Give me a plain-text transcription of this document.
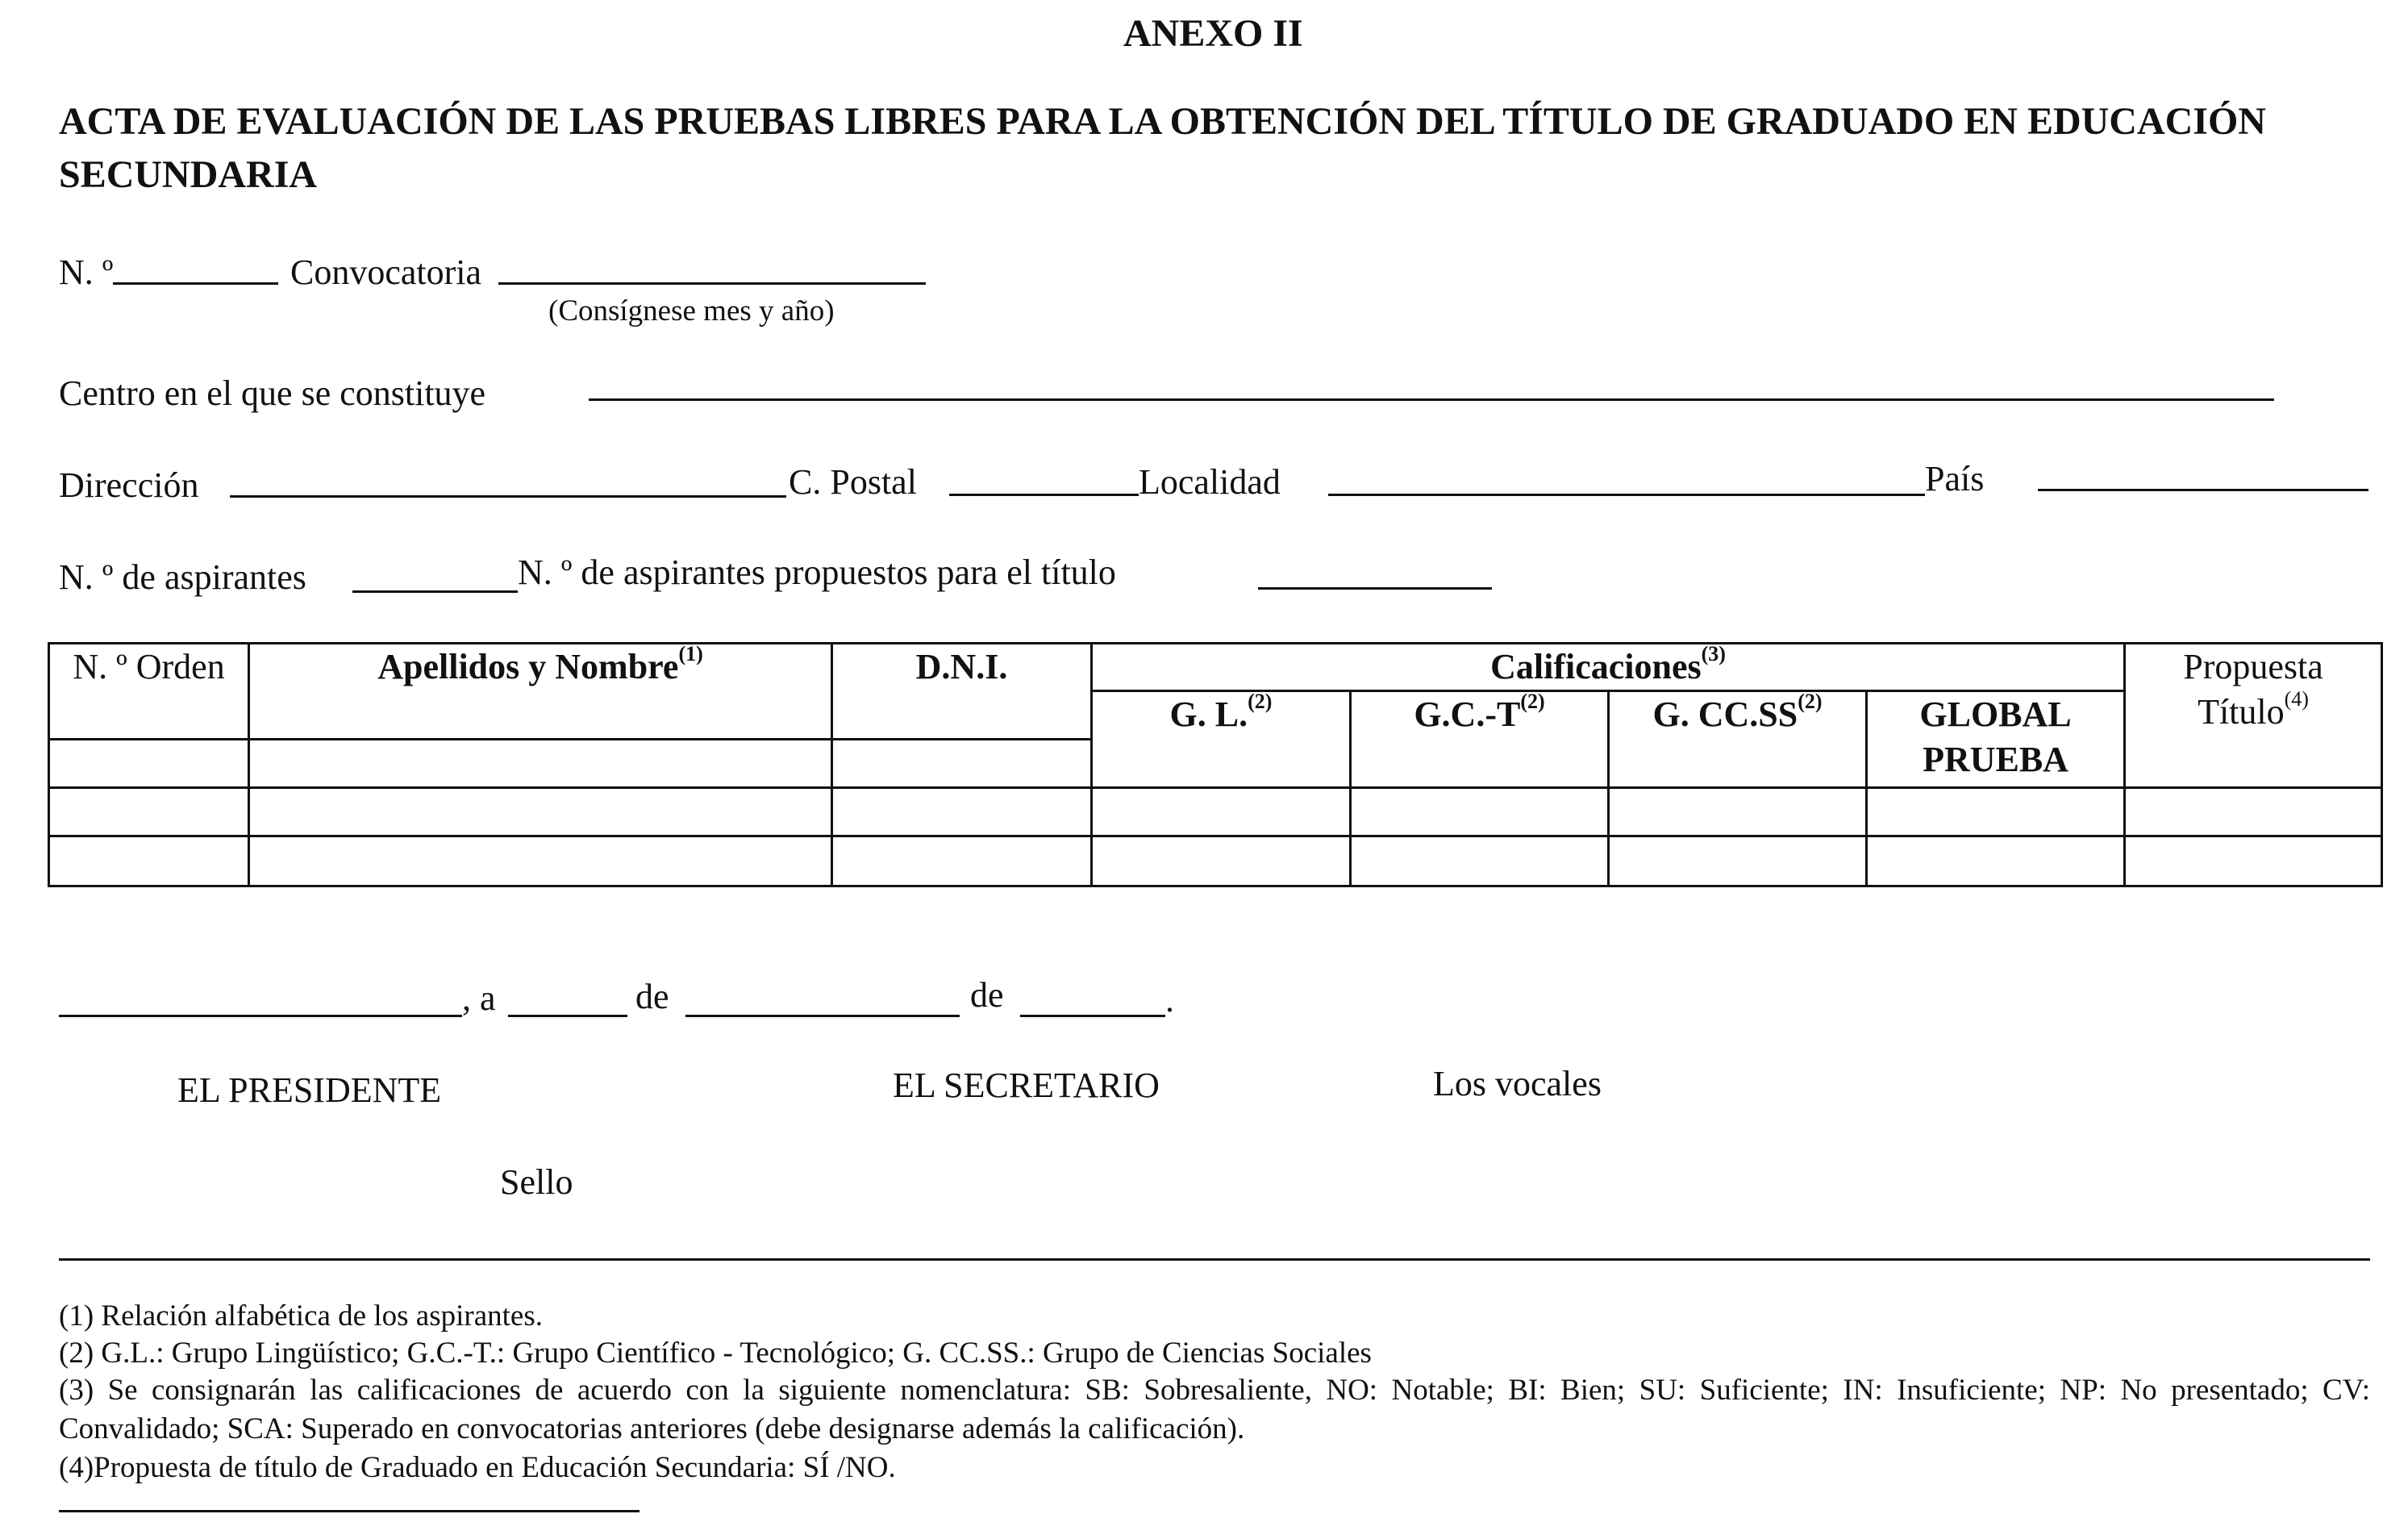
ANEXO II
ACTA DE EVALUACIÓN DE LAS PRUEBAS LIBRES PARA LA OBTENCIÓN DEL TÍTULO DE GRADUADO EN EDUCACIÓN SECUNDARIA
N. º	Convocatoria
(Consígnese mes y año)
Centro en el que se constituye
Dirección	C. Postal	Localidad	País
N. º de aspirantes	N. º de aspirantes propuestos para el título
N. º Orden	Apellidos y Nombre$^{(1)}$	D.N.I.	Calificaciones$^{(3)}$				Propuesta Título$^{(4)}$
			G. L.$^{(2)}$	$G.C.-T^{(2)}$	G. CC.SS$^{(2)}$	GLOBAL PRUEBA	

, a	de	de	.
EL PRESIDENTE	EL SECRETARIO	Los vocales
Sello
(1) Relación alfabética de los aspirantes.
(2) G.L.: Grupo Lingüístico; G.C.-T.: Grupo Científico - Tecnológico; G. CC.SS.: Grupo de Ciencias Sociales
(3) Se consignarán las calificaciones de acuerdo con la siguiente nomenclatura: SB: Sobresaliente, NO: Notable; BI: Bien; SU: Suficiente; IN: Insuficiente; NP: No presentado; CV: Convalidado; SCA: Superado en convocatorias anteriores (debe designarse además la calificación).
(4)Propuesta de título de Graduado en Educación Secundaria: SÍ /NO.
